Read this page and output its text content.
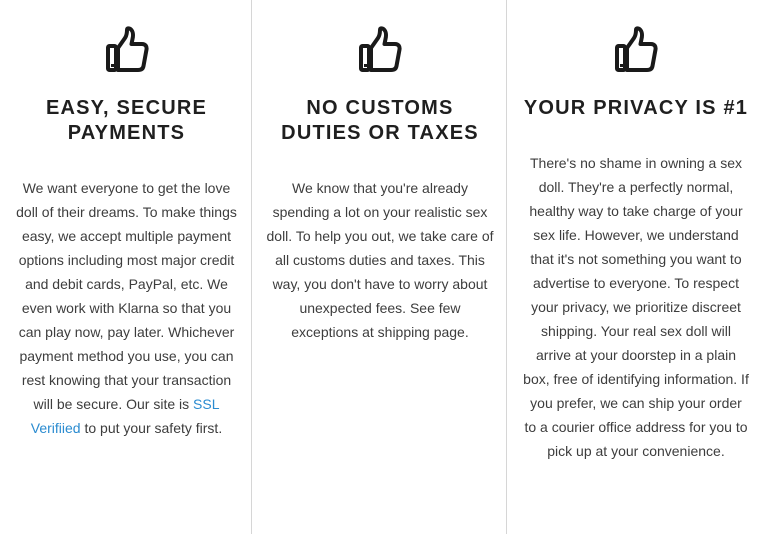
EASY, SECURE PAYMENTS

We want everyone to get the love doll of their dreams. To make things easy, we accept multiple payment options including most major credit and debit cards, PayPal, etc. We even work with Klarna so that you can play now, pay later. Whichever payment method you use, you can rest knowing that your transaction will be secure. Our site is SSL Verifiied to put your safety first.

NO CUSTOMS DUTIES OR TAXES

We know that you're already spending a lot on your realistic sex doll. To help you out, we take care of all customs duties and taxes. This way, you don't have to worry about unexpected fees. See few exceptions at shipping page.

YOUR PRIVACY IS #1

There's no shame in owning a sex doll. They're a perfectly normal, healthy way to take charge of your sex life. However, we understand that it's not something you want to advertise to everyone. To respect your privacy, we prioritize discreet shipping. Your real sex doll will arrive at your doorstep in a plain box, free of identifying information. If you prefer, we can ship your order to a courier office address for you to pick up at your convenience.
